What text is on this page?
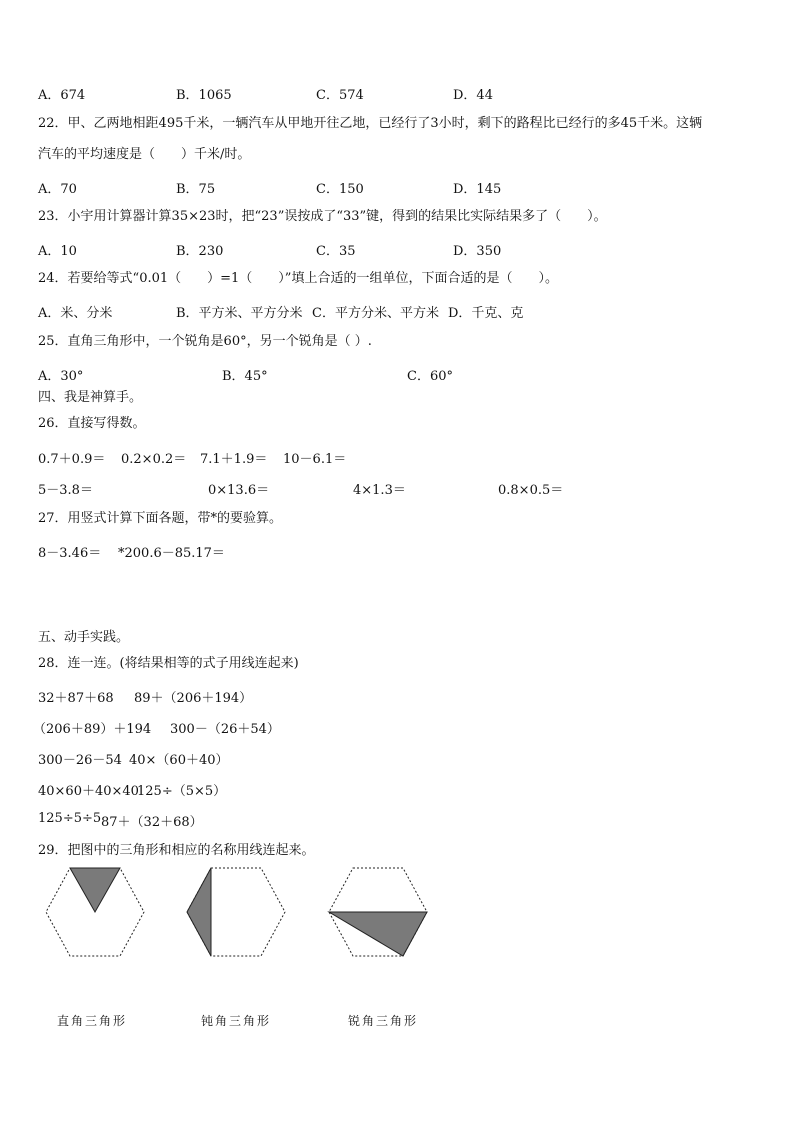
A．674	B．1065	C．574	D．44
22．甲、乙两地相距495千米，一辆汽车从甲地开往乙地，已经行了3小时，剩下的路程比已经行的多45千米。这辆
汽车的平均速度是（　　）千米/时。
A．70	B．75	C．150	D．145
23．小宇用计算器计算35×23时，把“23”误按成了“33”键，得到的结果比实际结果多了（　　）。
A．10	B．230	C．35	D．350
24．若要给等式“0.01（　　）=1（　　）”填上合适的一组单位，下面合适的是（　　）。
A．米、分米	B．平方米、平方分米 C．平方分米、平方米 D．千克、克
25．直角三角形中，一个锐角是60°，另一个锐角是（ ）.
A．30°	B．45°	C．60°
四、我是神算手。
26．直接写得数。
0.7＋0.9＝ 0.2×0.2＝ 7.1＋1.9＝ 10－6.1＝
5－3.8＝	0×13.6＝	4×1.3＝	0.8×0.5＝
27．用竖式计算下面各题，带*的要验算。
8－3.46＝ *200.6－85.17＝
五、动手实践。
28．连一连。(将结果相等的式子用线连起来)
32＋87＋68 89＋（206＋194）
（206＋89）＋194 300－（26＋54）
300－26－54 40×（60＋40）
40×60＋40×40
125÷（5×5）
125÷5÷5 87＋（32＋68）
29．把图中的三角形和相应的名称用线连起来。
直角三角形	钝角三角形	锐角三角形
